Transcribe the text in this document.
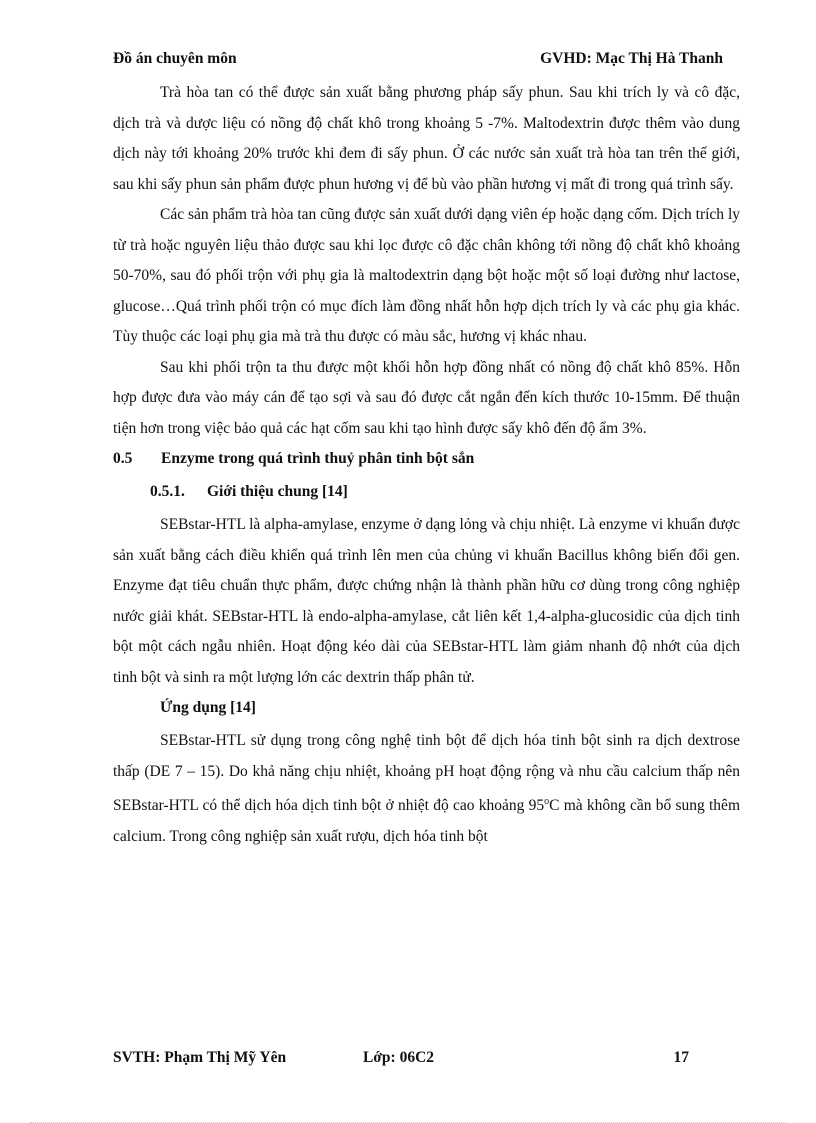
Đồ án chuyên môn	GVHD: Mạc Thị Hà Thanh

Trà hòa tan có thể được sản xuất bằng phương pháp sấy phun. Sau khi trích ly và cô đặc, dịch trà và dược liệu có nồng độ chất khô trong khoảng 5 -7%. Maltodextrin được thêm vào dung dịch này tới khoảng 20% trước khi đem đi sấy phun. Ở các nước sản xuất trà hòa tan trên thế giới, sau khi sấy phun sản phẩm được phun hương vị để bù vào phần hương vị mất đi trong quá trình sấy.

Các sản phẩm trà hòa tan cũng được sản xuất dưới dạng viên ép hoặc dạng cốm. Dịch trích ly từ trà hoặc nguyên liệu thảo được sau khi lọc được cô đặc chân không tới nồng độ chất khô khoảng 50-70%, sau đó phối trộn với phụ gia là maltodextrin dạng bột hoặc một số loại đường như lactose, glucose…Quá trình phối trộn có mục đích làm đồng nhất hỗn hợp dịch trích ly và các phụ gia khác. Tùy thuộc các loại phụ gia mà trà thu được có màu sắc, hương vị khác nhau.

Sau khi phối trộn ta thu được một khối hỗn hợp đồng nhất có nồng độ chất khô 85%. Hỗn hợp được đưa vào máy cán để tạo sợi và sau đó được cắt ngắn đến kích thước 10-15mm. Để thuận tiện hơn trong việc bảo quả các hạt cốm sau khi tạo hình được sấy khô đến độ ẩm 3%.

0.5 Enzyme trong quá trình thuỷ phân tinh bột sắn
0.5.1. Giới thiệu chung [14]

SEBstar-HTL là alpha-amylase, enzyme ở dạng lỏng và chịu nhiệt. Là enzyme vi khuẩn được sản xuất bằng cách điều khiển quá trình lên men của chủng vi khuẩn Bacillus không biến đổi gen. Enzyme đạt tiêu chuẩn thực phẩm, được chứng nhận là thành phần hữu cơ dùng trong công nghiệp nước giải khát. SEBstar-HTL là endo-alpha-amylase, cắt liên kết 1,4-alpha-glucosidic của dịch tinh bột một cách ngẫu nhiên. Hoạt động kéo dài của SEBstar-HTL làm giảm nhanh độ nhớt của dịch tinh bột và sinh ra một lượng lớn các dextrin thấp phân tử.

Ứng dụng [14]

SEBstar-HTL sử dụng trong công nghệ tinh bột để dịch hóa tinh bột sinh ra dịch dextrose thấp (DE 7 – 15). Do khả năng chịu nhiệt, khoảng pH hoạt động rộng và nhu cầu calcium thấp nên SEBstar-HTL có thể dịch hóa dịch tinh bột ở nhiệt độ cao khoảng 95$^o$C mà không cần bổ sung thêm calcium. Trong công nghiệp sản xuất rượu, dịch hóa tinh bột

SVTH: Phạm Thị Mỹ Yên	Lớp: 06C2	17
